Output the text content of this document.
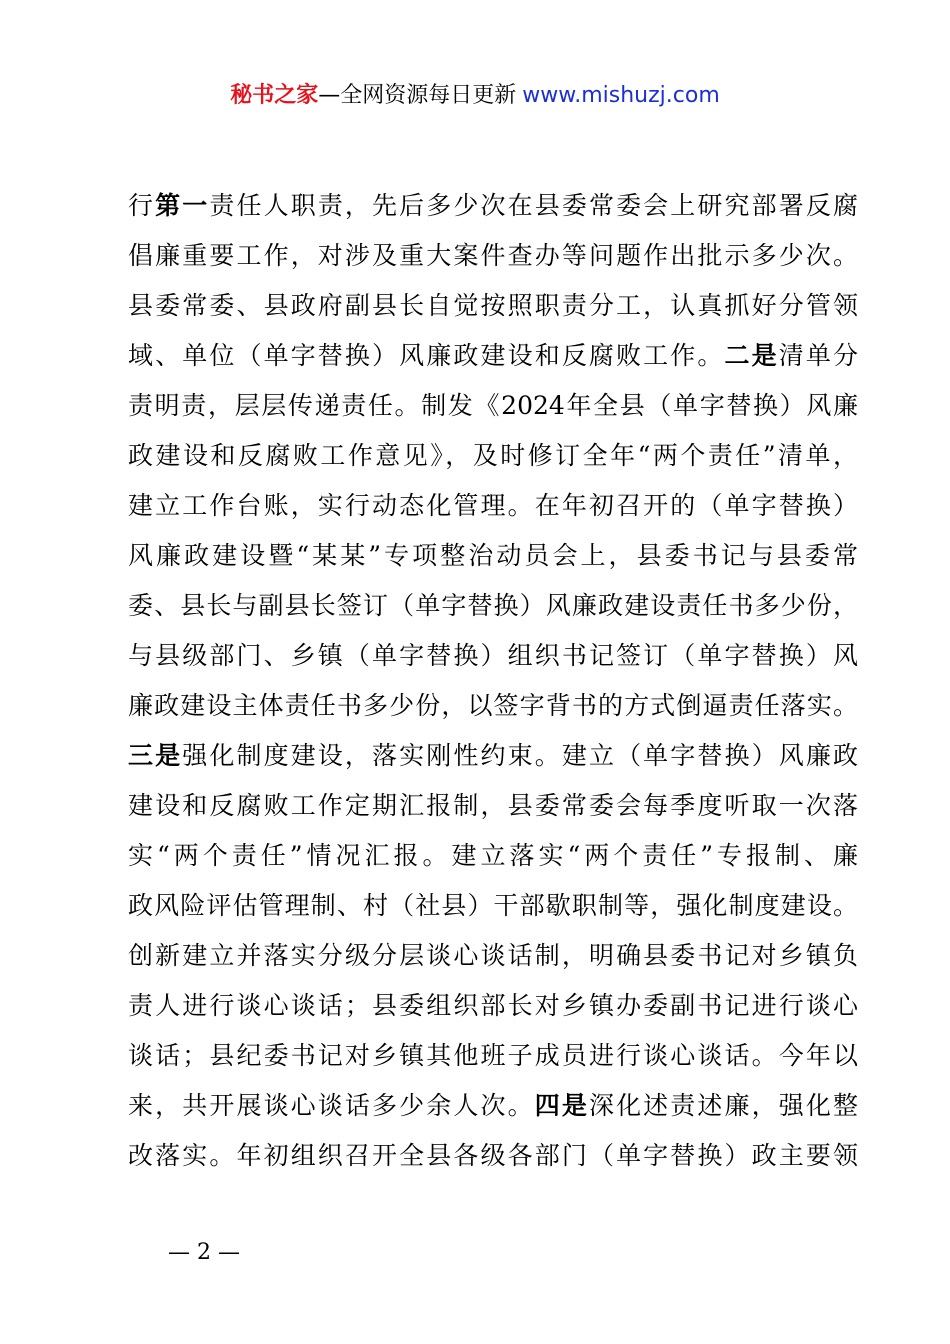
秘书之家—全网资源每日更新 www.mishuzj.com
行第一责任人职责，先后多少次在县委常委会上研究部署反腐
倡廉重要工作，对涉及重大案件查办等问题作出批示多少次。
县委常委、县政府副县长自觉按照职责分工，认真抓好分管领
域、单位（单字替换）风廉政建设和反腐败工作。二是清单分
责明责，层层传递责任。制发《2024年全县（单字替换）风廉
政建设和反腐败工作意见》，及时修订全年“两个责任”清单，
建立工作台账，实行动态化管理。在年初召开的（单字替换）
风廉政建设暨“某某”专项整治动员会上，县委书记与县委常
委、县长与副县长签订（单字替换）风廉政建设责任书多少份，
与县级部门、乡镇（单字替换）组织书记签订（单字替换）风
廉政建设主体责任书多少份，以签字背书的方式倒逼责任落实。
三是强化制度建设，落实刚性约束。建立（单字替换）风廉政
建设和反腐败工作定期汇报制，县委常委会每季度听取一次落
实“两个责任”情况汇报。建立落实“两个责任”专报制、廉
政风险评估管理制、村（社县）干部歇职制等，强化制度建设。
创新建立并落实分级分层谈心谈话制，明确县委书记对乡镇负
责人进行谈心谈话；县委组织部长对乡镇办委副书记进行谈心
谈话；县纪委书记对乡镇其他班子成员进行谈心谈话。今年以
来，共开展谈心谈话多少余人次。四是深化述责述廉，强化整
改落实。年初组织召开全县各级各部门（单字替换）政主要领
— 2 —
